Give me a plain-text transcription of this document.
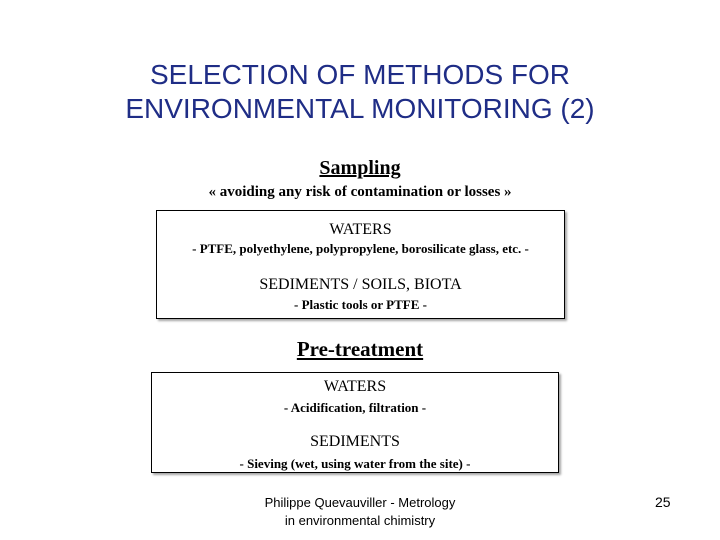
SELECTION OF METHODS FOR
ENVIRONMENTAL MONITORING (2)
Sampling
« avoiding any risk of contamination or losses »
WATERS
- PTFE, polyethylene, polypropylene, borosilicate glass, etc. -
SEDIMENTS / SOILS, BIOTA
- Plastic tools or PTFE -
Pre-treatment
WATERS
- Acidification, filtration -
SEDIMENTS
- Sieving (wet, using water from the site) -
Philippe Quevauviller - Metrology
in environmental chimistry
25
